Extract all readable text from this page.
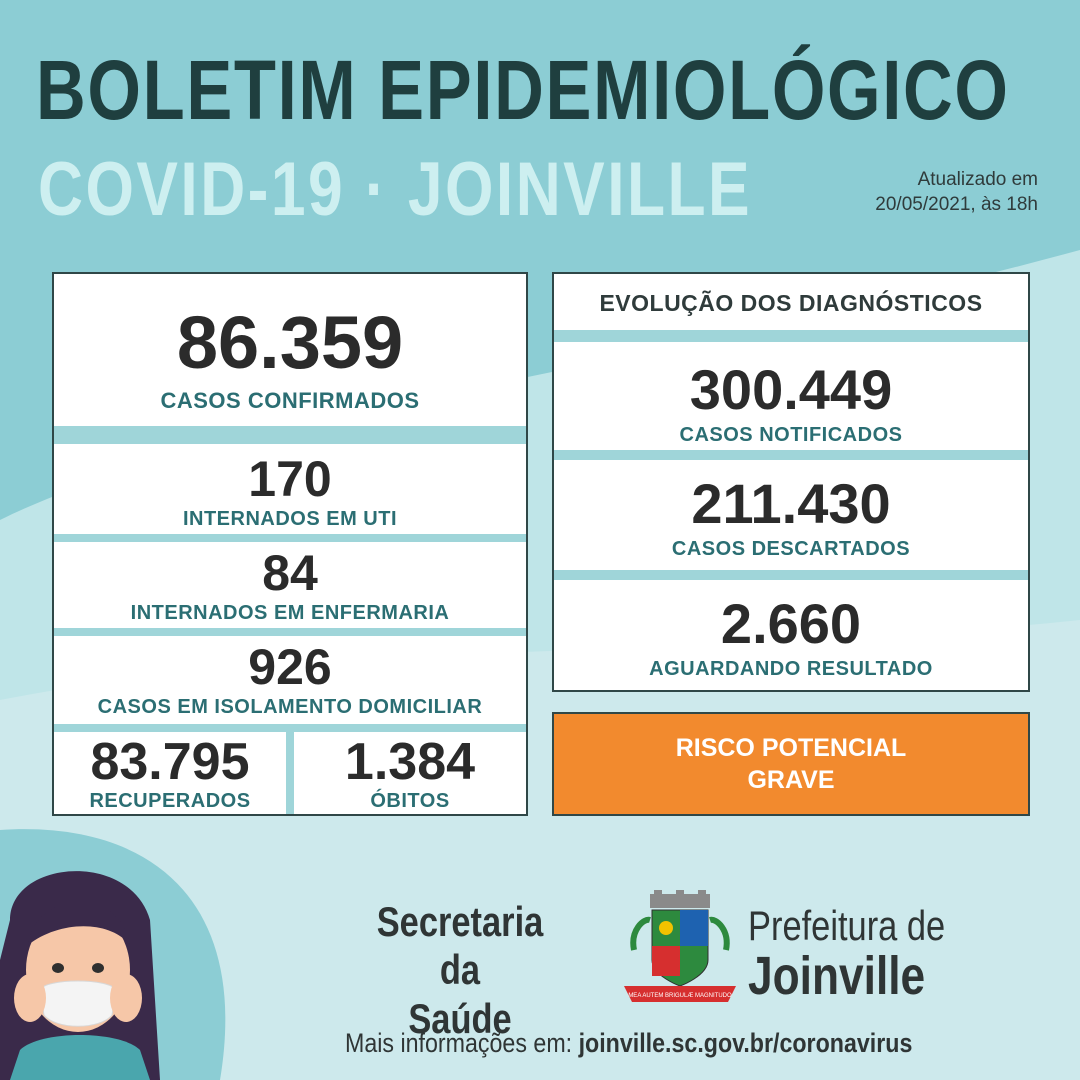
BOLETIM EPIDEMIOLÓGICO
COVID-19 · JOINVILLE	Atualizado em
20/05/2021, às 18h
86.359
CASOS CONFIRMADOS
170
INTERNADOS EM UTI
84
INTERNADOS EM ENFERMARIA
926
CASOS EM ISOLAMENTO DOMICILIAR
83.795
RECUPERADOS
1.384
ÓBITOS
EVOLUÇÃO DOS DIAGNÓSTICOS
300.449
CASOS NOTIFICADOS
211.430
CASOS DESCARTADOS
2.660
AGUARDANDO RESULTADO
RISCO POTENCIAL
GRAVE
Secretaria da
Saúde	MEA AUTEM BRIGULÆ MAGNITUDO
Prefeitura de
Joinville
Mais informações em: joinville.sc.gov.br/coronavirus
